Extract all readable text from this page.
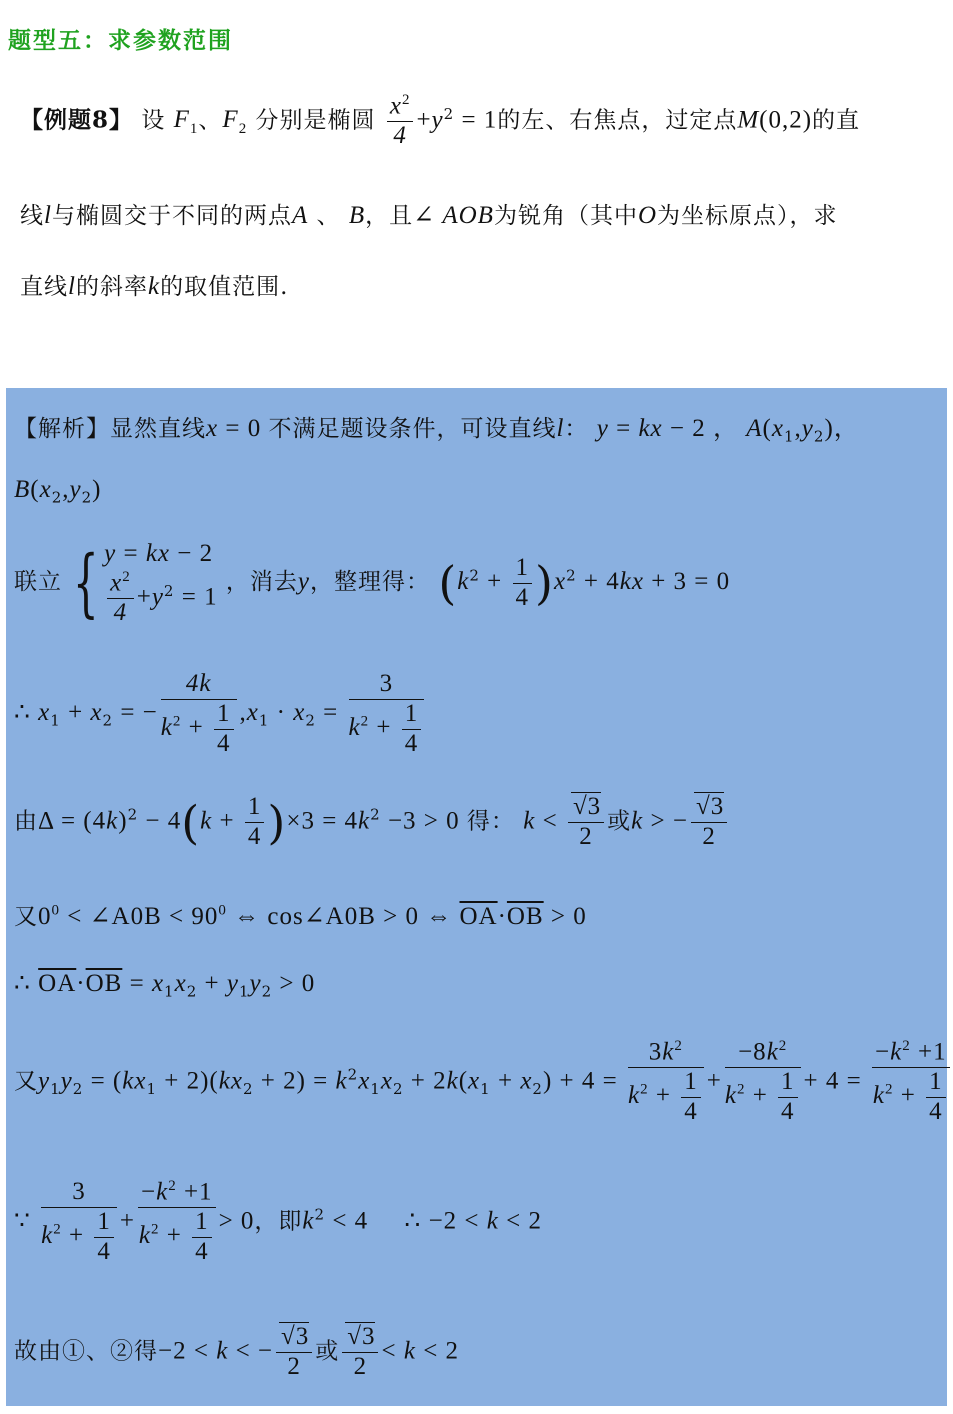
题型五：求参数范围
【例题8】 设 $F_1$、$F_2$ 分别是椭圆 $\frac{x^2}{4} +y^2 = 1$的左、右焦点，过定点M(0,2)的直
线l与椭圆交于不同的两点A 、 B，且∠ AOB为锐角（其中O为坐标原点），求
直线l的斜率k的取值范围.
【解析】显然直线x = 0 不满足题设条件，可设直线l： y = kx − 2 ， $A(x_1,y_2)$，
$B(x_2,y_2)$
联立 { y = kx − 2
$\frac{x^2}{4} +y^2 = 1$
，消去y，整理得： $(k^2 + \frac{1}{4} )x^2 + 4kx + 3 = 0$
∴ $x_1 + x_2$ = − $\frac{4k}{k^2 + \frac{1}{4}} ,x_1 \cdot x_2 = \frac{3}{k^2 + \frac{1}{4}}$
由$\Delta = (4k)^2 - 4(k + \frac{1}{4} )\times 3 = 4k^2 -3 > 0$ 得： $k < \frac{√3}{2}$ 或k > − $\frac{√3}{2}$
又$0^0$ < ∠A0B < $90^0$ ⇔ cos∠A0B > 0 ⇔ $\overline{OA}\cdot\overline{OB} > 0$
∴ $\overline{OA}\cdot\overline{OB} = x_1x_2 + y_1y_2 > 0$
又$y_1y_2 = (kx_1 + 2)(kx_2 + 2) = k^2x_1x_2 + 2k(x_1 + x_2) + 4 = \frac{3k^2}{k^2 + \frac{1}{4}} + \frac{-8k^2}{k^2 + \frac{1}{4}} + 4 = \frac{-k^2 +1}{k^2 + \frac{1}{4}}$
∵ $\frac{3}{k^2 + \frac{1}{4}} + \frac{-k^2 +1}{k^2 + \frac{1}{4}} > 0$，即$k^2 < 4$     ∴ −2 < k < 2
故由①、②得−2 < k < − $\frac{√3}{2}$ 或 $\frac{√3}{2} < k < 2$
